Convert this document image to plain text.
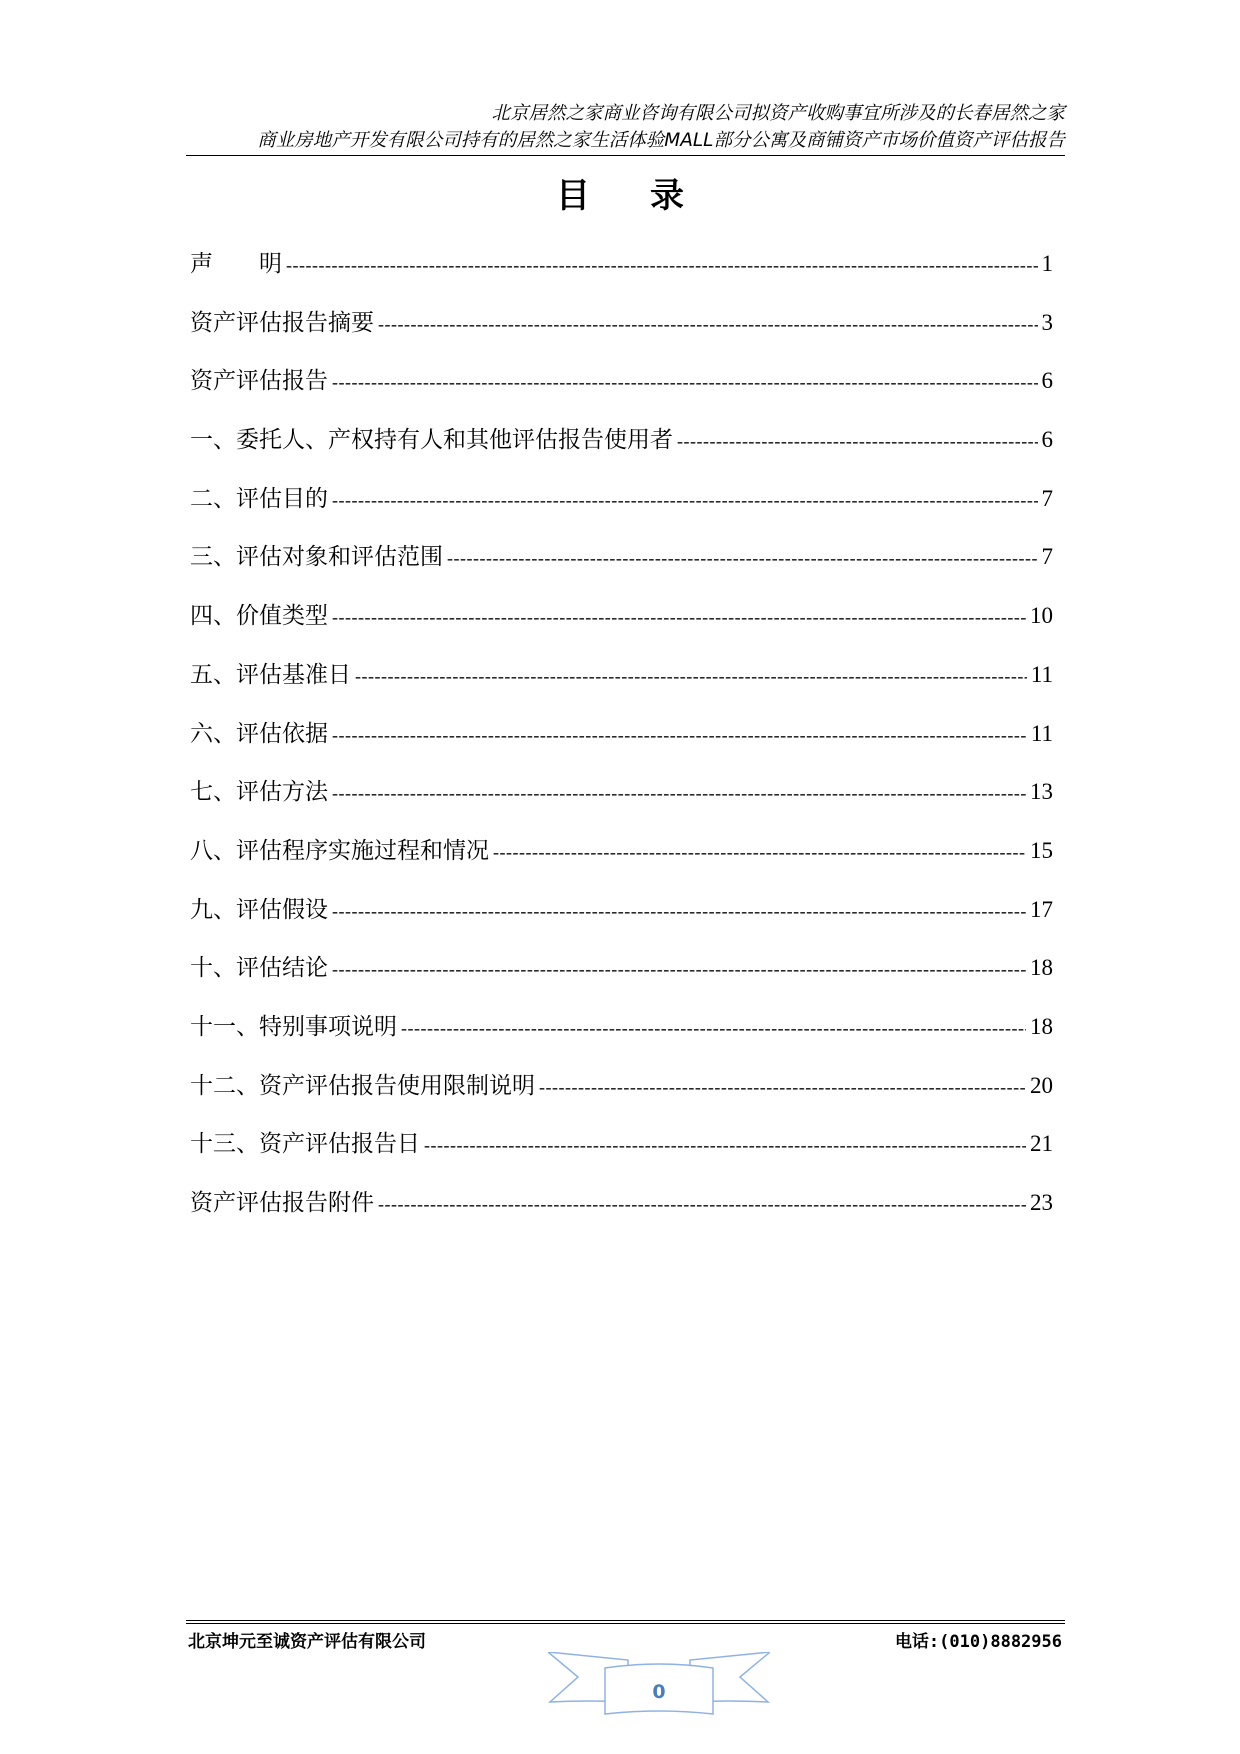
北京居然之家商业咨询有限公司拟资产收购事宜所涉及的长春居然之家
商业房地产开发有限公司持有的居然之家生活体验MALL部分公寓及商铺资产市场价值资产评估报告
目录
声　　明 -----	1
资产评估报告摘要 -----	3
资产评估报告 -----	6
一、委托人、产权持有人和其他评估报告使用者 -----	6
二、评估目的 -----	7
三、评估对象和评估范围 -----	7
四、价值类型 -----	10
五、评估基准日 -----	11
六、评估依据 -----	11
七、评估方法 -----	13
八、评估程序实施过程和情况 -----	15
九、评估假设 -----	17
十、评估结论 -----	18
十一、特别事项说明 -----	18
十二、资产评估报告使用限制说明 -----	20
十三、资产评估报告日 -----	21
资产评估报告附件 -----	23
北京坤元至诚资产评估有限公司	电话:(010)8882956
0
